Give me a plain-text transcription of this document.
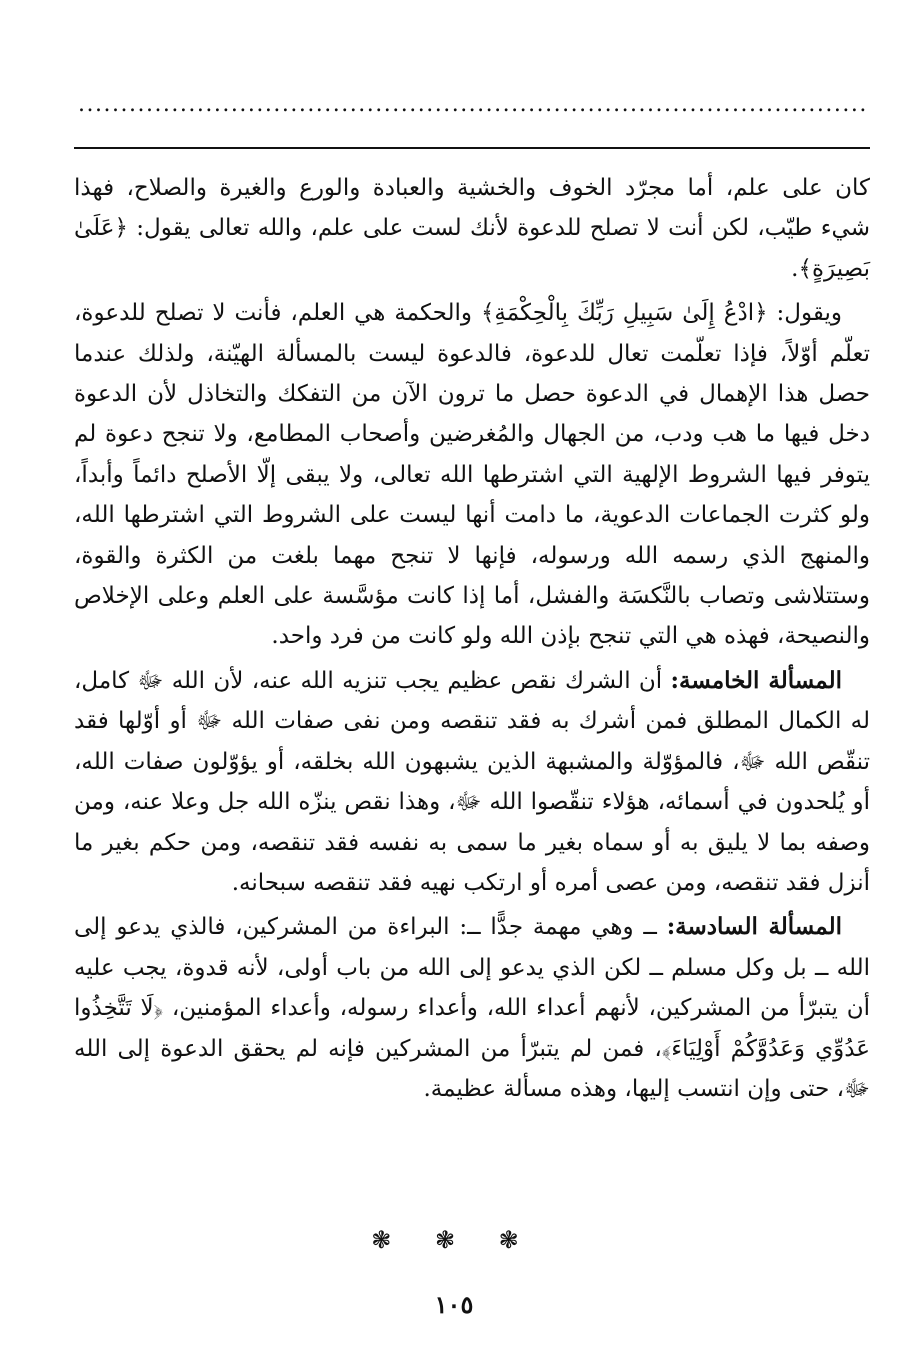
.............................................................................................

كان على علم، أما مجرّد الخوف والخشية والعبادة والورع والغيرة والصلاح، فهذا شيء طيّب، لكن أنت لا تصلح للدعوة لأنك لست على علم، والله تعالى يقول: ﴿عَلَىٰ بَصِيرَةٍ﴾.

ويقول: ﴿ادْعُ إِلَىٰ سَبِيلِ رَبِّكَ بِالْحِكْمَةِ﴾ والحكمة هي العلم، فأنت لا تصلح للدعوة، تعلّم أوّلاً، فإذا تعلّمت تعال للدعوة، فالدعوة ليست بالمسألة الهيّنة، ولذلك عندما حصل هذا الإهمال في الدعوة حصل ما ترون الآن من التفكك والتخاذل لأن الدعوة دخل فيها ما هب ودب، من الجهال والمُغرضين وأصحاب المطامع، ولا تنجح دعوة لم يتوفر فيها الشروط الإلهية التي اشترطها الله تعالى، ولا يبقى إلّا الأصلح دائماً وأبداً، ولو كثرت الجماعات الدعوية، ما دامت أنها ليست على الشروط التي اشترطها الله، والمنهج الذي رسمه الله ورسوله، فإنها لا تنجح مهما بلغت من الكثرة والقوة، وستتلاشى وتصاب بالنَّكسَة والفشل، أما إذا كانت مؤسَّسة على العلم وعلى الإخلاص والنصيحة، فهذه هي التي تنجح بإذن الله ولو كانت من فرد واحد.

المسألة الخامسة: أن الشرك نقص عظيم يجب تنزيه الله عنه، لأن الله ﷻ كامل، له الكمال المطلق فمن أشرك به فقد تنقصه ومن نفى صفات الله ﷻ أو أوّلها فقد تنقّص الله ﷻ، فالمؤوّلة والمشبهة الذين يشبهون الله بخلقه، أو يؤوّلون صفات الله، أو يُلحدون في أسمائه، هؤلاء تنقّصوا الله ﷻ، وهذا نقص ينزّه الله جل وعلا عنه، ومن وصفه بما لا يليق به أو سماه بغير ما سمى به نفسه فقد تنقصه، ومن حكم بغير ما أنزل فقد تنقصه، ومن عصى أمره أو ارتكب نهيه فقد تنقصه سبحانه.

المسألة السادسة: ــ وهي مهمة جدًّا ــ: البراءة من المشركين، فالذي يدعو إلى الله ــ بل وكل مسلم ــ لكن الذي يدعو إلى الله من باب أولى، لأنه قدوة، يجب عليه أن يتبرّأ من المشركين، لأنهم أعداء الله، وأعداء رسوله، وأعداء المؤمنين، ﴿لَا تَتَّخِذُوا عَدُوِّي وَعَدُوَّكُمْ أَوْلِيَاءَ﴾، فمن لم يتبرّأ من المشركين فإنه لم يحقق الدعوة إلى الله ﷻ، حتى وإن انتسب إليها، وهذه مسألة عظيمة.

❃ ❃ ❃
١٠٥
